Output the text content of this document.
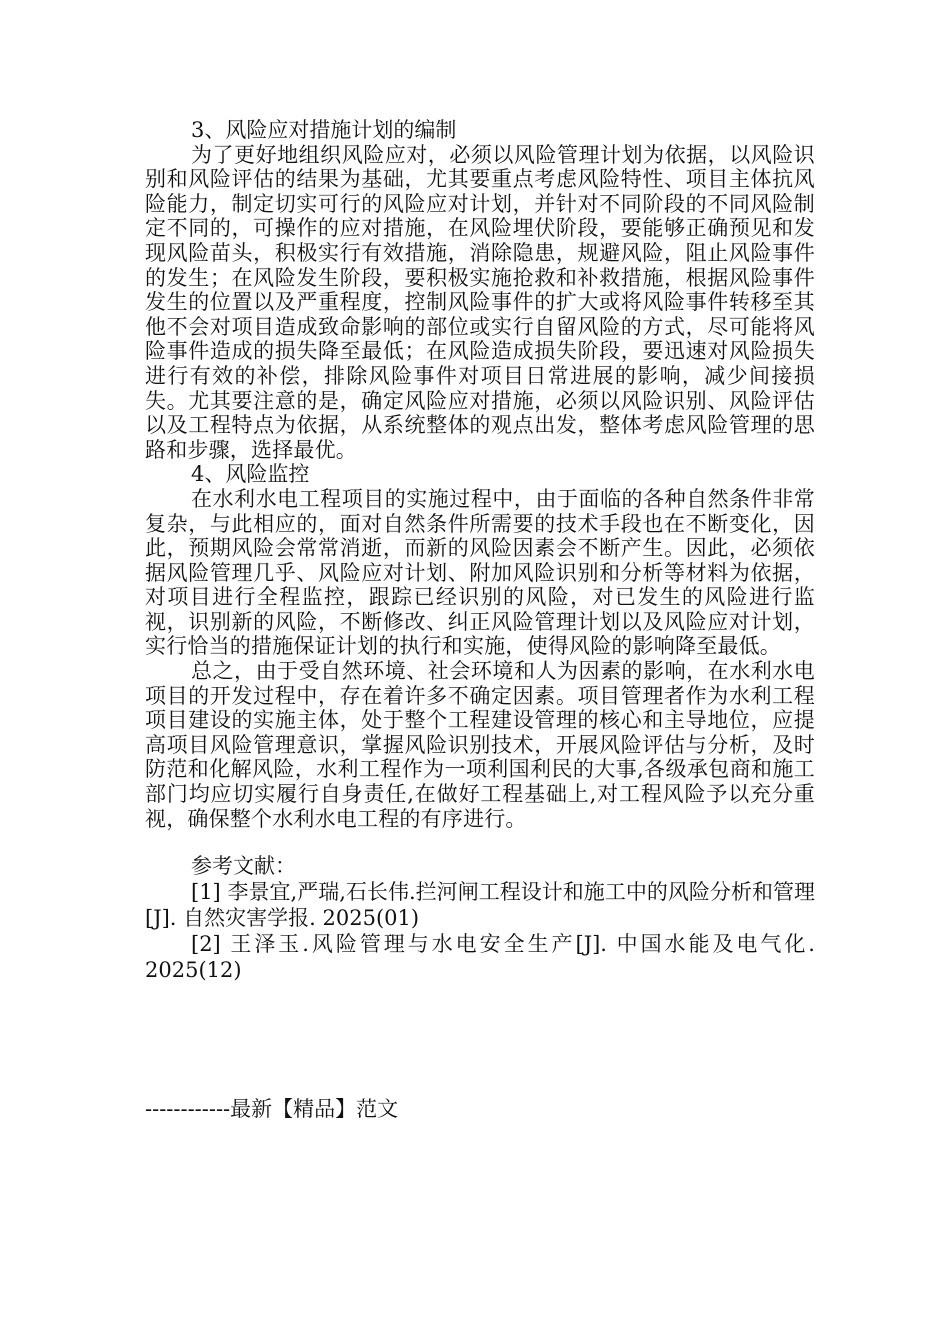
3、风险应对措施计划的编制

为了更好地组织风险应对，必须以风险管理计划为依据，以风险识别和风险评估的结果为基础，尤其要重点考虑风险特性、项目主体抗风险能力，制定切实可行的风险应对计划，并针对不同阶段的不同风险制定不同的，可操作的应对措施，在风险埋伏阶段，要能够正确预见和发现风险苗头，积极实行有效措施，消除隐患，规避风险，阻止风险事件的发生；在风险发生阶段，要积极实施抢救和补救措施，根据风险事件发生的位置以及严重程度，控制风险事件的扩大或将风险事件转移至其他不会对项目造成致命影响的部位或实行自留风险的方式，尽可能将风险事件造成的损失降至最低；在风险造成损失阶段，要迅速对风险损失进行有效的补偿，排除风险事件对项目日常进展的影响，减少间接损失。尤其要注意的是，确定风险应对措施，必须以风险识别、风险评估以及工程特点为依据，从系统整体的观点出发，整体考虑风险管理的思路和步骤，选择最优。

4、风险监控

在水利水电工程项目的实施过程中，由于面临的各种自然条件非常复杂，与此相应的，面对自然条件所需要的技术手段也在不断变化，因此，预期风险会常常消逝，而新的风险因素会不断产生。因此，必须依据风险管理几乎、风险应对计划、附加风险识别和分析等材料为依据，对项目进行全程监控，跟踪已经识别的风险，对已发生的风险进行监视，识别新的风险，不断修改、纠正风险管理计划以及风险应对计划，实行恰当的措施保证计划的执行和实施，使得风险的影响降至最低。

总之，由于受自然环境、社会环境和人为因素的影响，在水利水电项目的开发过程中，存在着许多不确定因素。项目管理者作为水利工程项目建设的实施主体，处于整个工程建设管理的核心和主导地位，应提高项目风险管理意识，掌握风险识别技术，开展风险评估与分析，及时防范和化解风险，水利工程作为一项利国利民的大事,各级承包商和施工部门均应切实履行自身责任,在做好工程基础上,对工程风险予以充分重视，确保整个水利水电工程的有序进行。

参考文献：

[1] 李景宜,严瑞,石长伟.拦河闸工程设计和施工中的风险分析和管理[J]. 自然灾害学报. 2025(01)

[2] 王泽玉.风险管理与水电安全生产[J]. 中国水能及电气化. 2025(12)

------------最新【精品】范文
